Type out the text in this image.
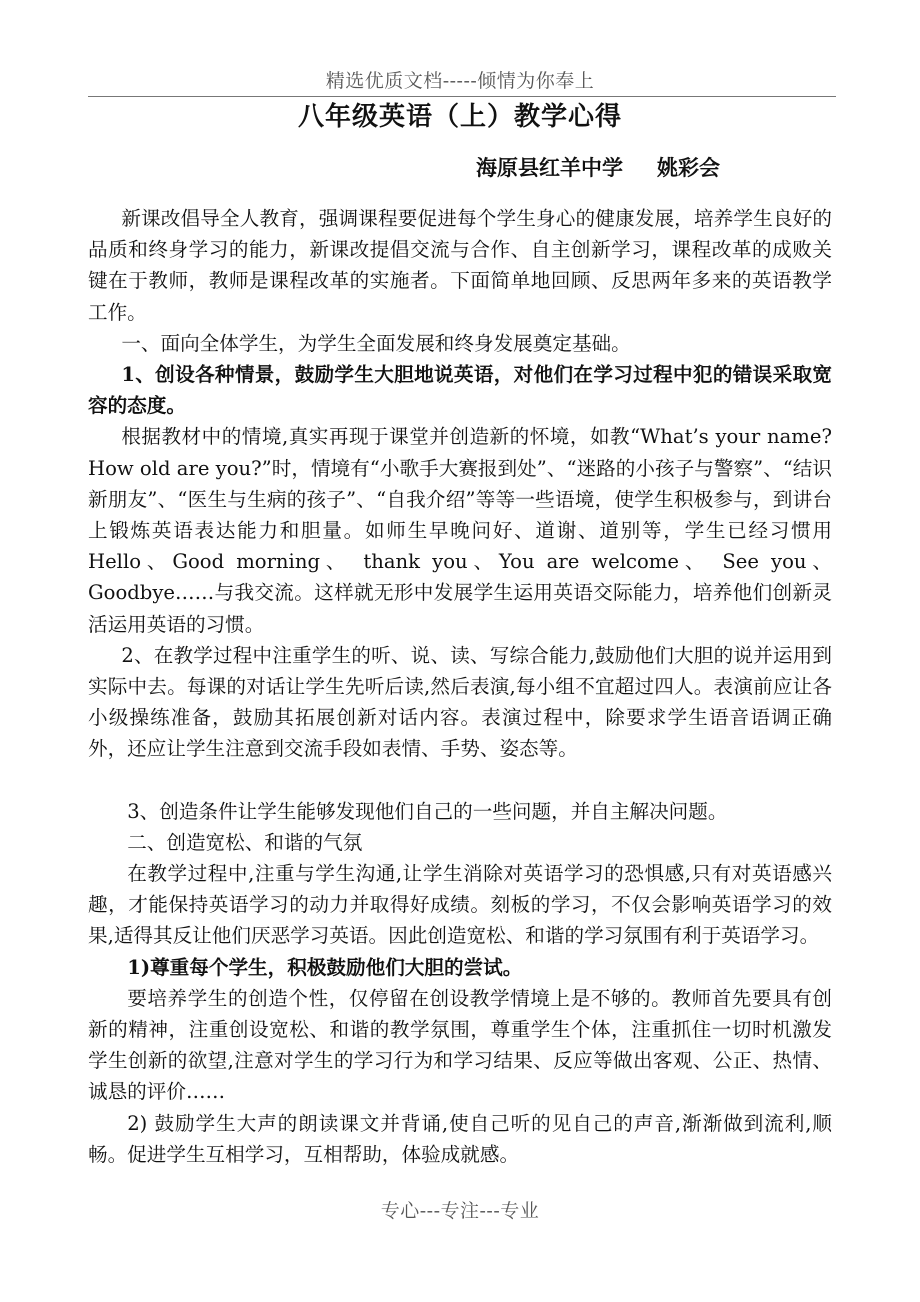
精选优质文档-----倾情为你奉上
八年级英语（上）教学心得

海原县红羊中学 姚彩会

新课改倡导全人教育，强调课程要促进每个学生身心的健康发展，培养学生良好的品质和终身学习的能力，新课改提倡交流与合作、自主创新学习，课程改革的成败关键在于教师，教师是课程改革的实施者。下面简单地回顾、反思两年多来的英语教学工作。

一、面向全体学生，为学生全面发展和终身发展奠定基础。

1、创设各种情景，鼓励学生大胆地说英语，对他们在学习过程中犯的错误采取宽容的态度。

根据教材中的情境,真实再现于课堂并创造新的怀境，如教“What’s your name? How old are you?”时，情境有“小歌手大赛报到处”、“迷路的小孩子与警察”、“结识新朋友”、“医生与生病的孩子”、“自我介绍”等等一些语境，使学生积极参与，到讲台上锻炼英语表达能力和胆量。如师生早晚问好、道谢、道别等，学生已经习惯用 Hello、Good morning、 thank you、You are welcome、 See you、 Goodbye……与我交流。这样就无形中发展学生运用英语交际能力，培养他们创新灵活运用英语的习惯。

2、在教学过程中注重学生的听、说、读、写综合能力,鼓励他们大胆的说并运用到实际中去。每课的对话让学生先听后读,然后表演,每小组不宜超过四人。表演前应让各小级操练准备，鼓励其拓展创新对话内容。表演过程中，除要求学生语音语调正确外，还应让学生注意到交流手段如表情、手势、姿态等。

3、创造条件让学生能够发现他们自己的一些问题，并自主解决问题。

二、创造宽松、和谐的气氛

在教学过程中,注重与学生沟通,让学生消除对英语学习的恐惧感,只有对英语感兴趣，才能保持英语学习的动力并取得好成绩。刻板的学习，不仅会影响英语学习的效果,适得其反让他们厌恶学习英语。因此创造宽松、和谐的学习氛围有利于英语学习。

1)尊重每个学生，积极鼓励他们大胆的尝试。

要培养学生的创造个性，仅停留在创设教学情境上是不够的。教师首先要具有创新的精神，注重创设宽松、和谐的教学氛围，尊重学生个体，注重抓住一切时机激发学生创新的欲望,注意对学生的学习行为和学习结果、反应等做出客观、公正、热情、诚恳的评价……

2) 鼓励学生大声的朗读课文并背诵,使自己听的见自己的声音,渐渐做到流利,顺畅。促进学生互相学习，互相帮助，体验成就感。

专心---专注---专业
